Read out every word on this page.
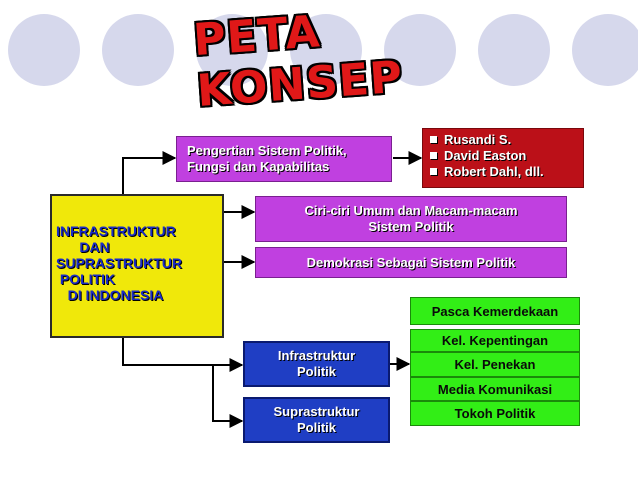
PETA KONSEP
INFRASTRUKTUR
DAN
SUPRASTRUKTUR
POLITIK
DI INDONESIA
Pengertian Sistem Politik,
Fungsi dan Kapabilitas
Rusandi S.
David Easton
Robert Dahl, dll.
Ciri-ciri Umum dan Macam-macam
Sistem Politik
Demokrasi Sebagai Sistem Politik
Infrastruktur
Politik
Suprastruktur
Politik
Pasca Kemerdekaan
Kel. Kepentingan
Kel. Penekan
Media Komunikasi
Tokoh Politik
